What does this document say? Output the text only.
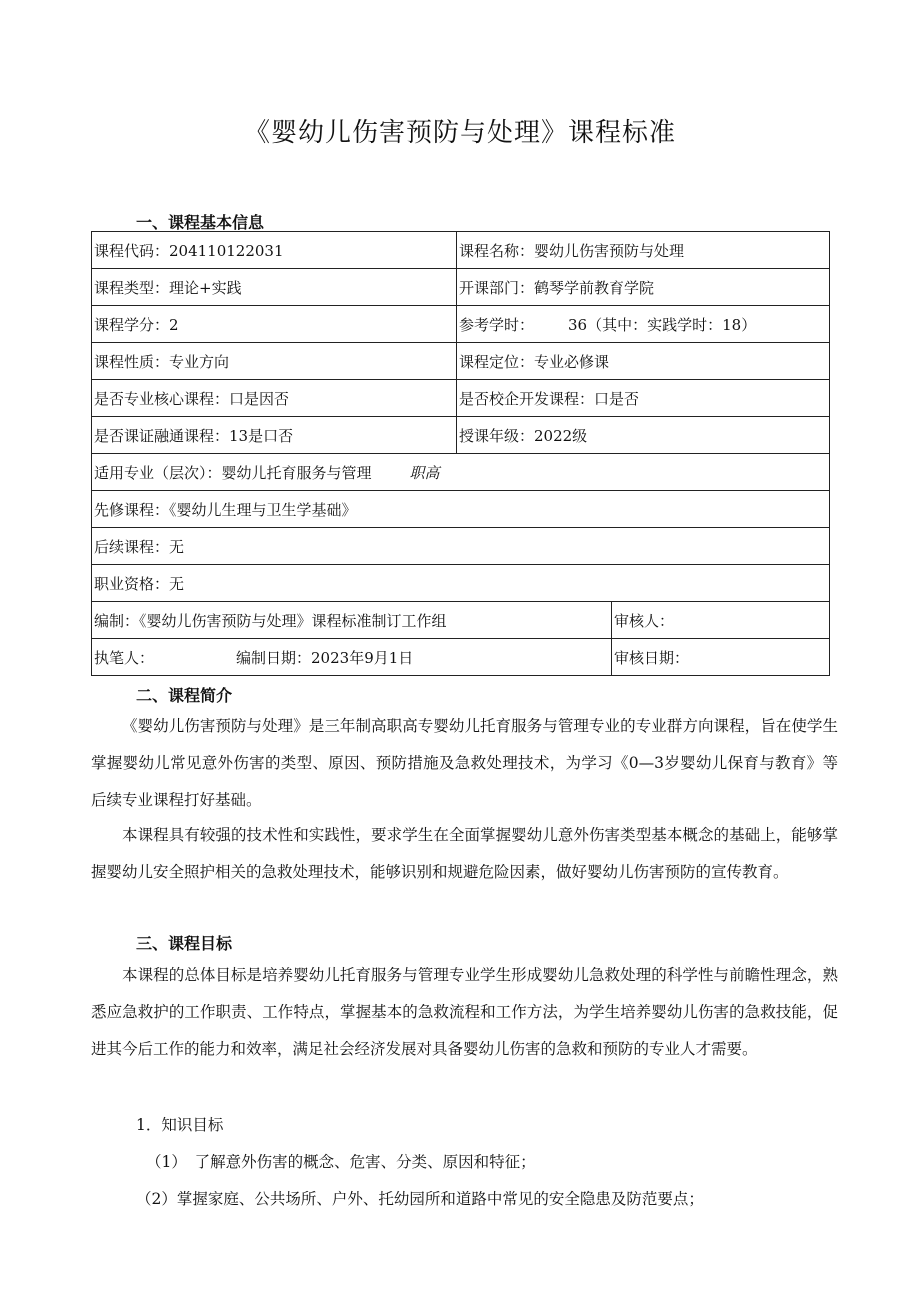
《婴幼儿伤害预防与处理》课程标准
一、课程基本信息
课程代码：204110122031	课程名称：婴幼儿伤害预防与处理	
课程类型：理论+实践	开课部门：鹤琴学前教育学院	
课程学分：2	参考学时： 36（其中：实践学时：18）	
课程性质：专业方向	课程定位：专业必修课	
是否专业核心课程：口是因否	是否校企开发课程：口是否	
是否课证融通课程：13是口否	授课年级：2022级	
适用专业（层次）：婴幼儿托育服务与管理 职高		
先修课程：《婴幼儿生理与卫生学基础》		
后续课程：无		
职业资格：无		
编制：《婴幼儿伤害预防与处理》课程标准制订工作组		审核人：
执笔人： 编制日期：2023年9月1日		审核日期：
二、课程简介

《婴幼儿伤害预防与处理》是三年制高职高专婴幼儿托育服务与管理专业的专业群方向课程，旨在使学生掌握婴幼儿常见意外伤害的类型、原因、预防措施及急救处理技术，为学习《0—3岁婴幼儿保育与教育》等后续专业课程打好基础。

本课程具有较强的技术性和实践性，要求学生在全面掌握婴幼儿意外伤害类型基本概念的基础上，能够掌握婴幼儿安全照护相关的急救处理技术，能够识别和规避危险因素，做好婴幼儿伤害预防的宣传教育。

三、课程目标

本课程的总体目标是培养婴幼儿托育服务与管理专业学生形成婴幼儿急救处理的科学性与前瞻性理念，熟悉应急救护的工作职责、工作特点，掌握基本的急救流程和工作方法，为学生培养婴幼儿伤害的急救技能，促进其今后工作的能力和效率，满足社会经济发展对具备婴幼儿伤害的急救和预防的专业人才需要。

1．知识目标
（1）　了解意外伤害的概念、危害、分类、原因和特征；
（2）掌握家庭、公共场所、户外、托幼园所和道路中常见的安全隐患及防范要点；
